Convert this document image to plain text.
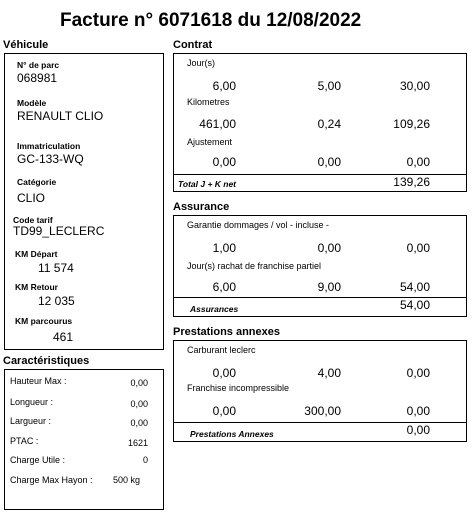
Facture n° 6071618 du 12/08/2022
Véhicule
N° de parc
068981
Modèle
RENAULT CLIO
Immatriculation
GC-133-WQ
Catégorie
CLIO
Code tarif
TD99_LECLERC
KM Départ
11 574
KM Retour
12 035
KM parcourus
461
Caractéristiques
Hauteur Max :	0,00
Longueur :	0,00
Largueur :	0,00
PTAC :	1621
Charge Utile :	0
Charge Max Hayon :	500 kg
Contrat
Jour(s)
6,00	5,00	30,00
Kilometres
461,00	0,24	109,26
Ajustement
0,00	0,00	0,00
Total J + K net	139,26
Assurance
Garantie dommages / vol - incluse -
1,00	0,00	0,00
Jour(s) rachat de franchise partiel
6,00	9,00	54,00
Assurances	54,00
Prestations annexes
Carburant leclerc
0,00	4,00	0,00
Franchise incompressible
0,00	300,00	0,00
Prestations Annexes	0,00
